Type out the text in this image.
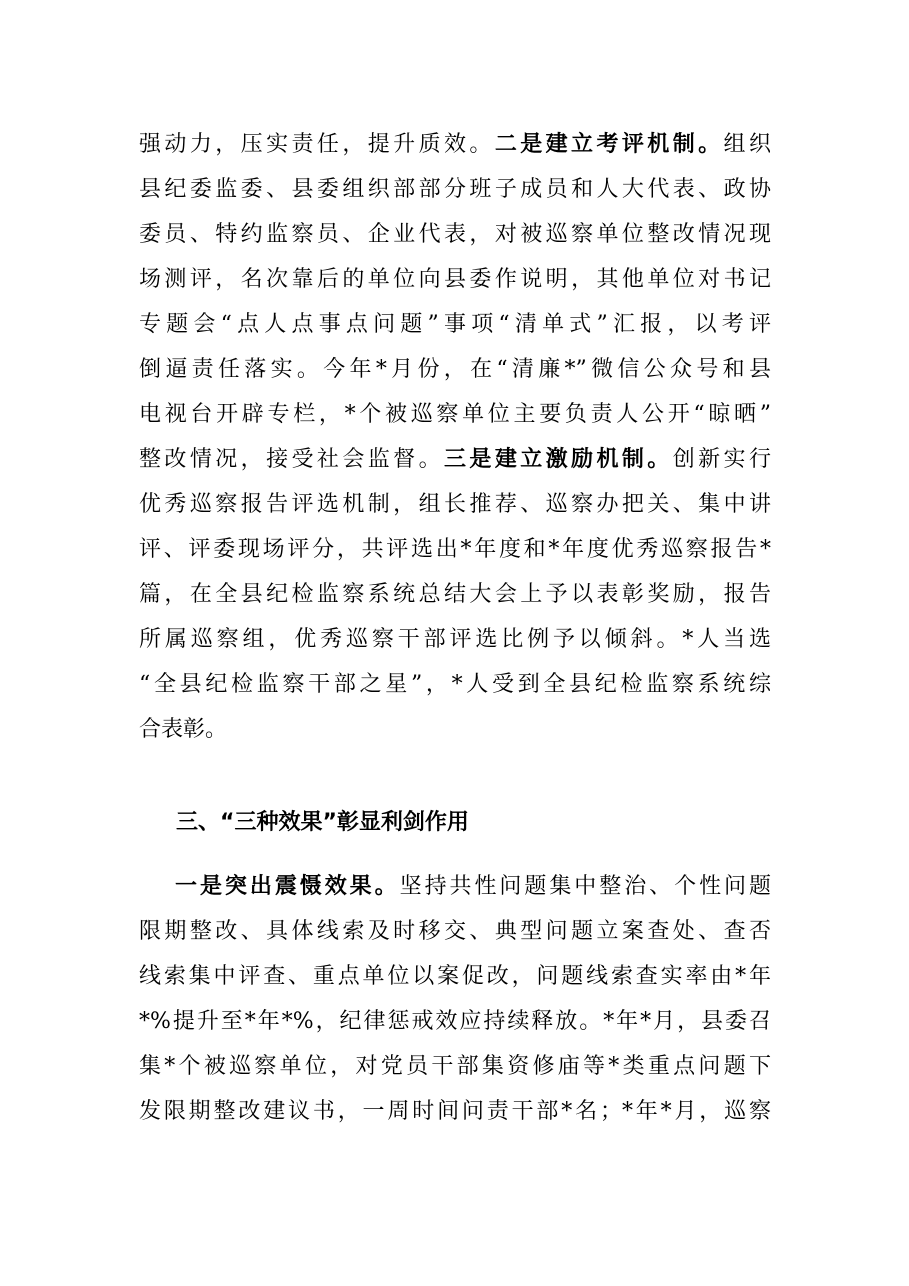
强动力，压实责任，提升质效。二是建立考评机制。组织
县纪委监委、县委组织部部分班子成员和人大代表、政协
委员、特约监察员、企业代表，对被巡察单位整改情况现
场测评，名次靠后的单位向县委作说明，其他单位对书记
专题会“点人点事点问题”事项“清单式”汇报，以考评
倒逼责任落实。今年*月份，在“清廉*”微信公众号和县
电视台开辟专栏，*个被巡察单位主要负责人公开“晾晒”
整改情况，接受社会监督。三是建立激励机制。创新实行
优秀巡察报告评选机制，组长推荐、巡察办把关、集中讲
评、评委现场评分，共评选出*年度和*年度优秀巡察报告*
篇，在全县纪检监察系统总结大会上予以表彰奖励，报告
所属巡察组，优秀巡察干部评选比例予以倾斜。*人当选
“全县纪检监察干部之星”，*人受到全县纪检监察系统综
合表彰。
三、“三种效果”彰显利剑作用
一是突出震慑效果。坚持共性问题集中整治、个性问题
限期整改、具体线索及时移交、典型问题立案查处、查否
线索集中评查、重点单位以案促改，问题线索查实率由*年
*%提升至*年*%，纪律惩戒效应持续释放。*年*月，县委召
集*个被巡察单位，对党员干部集资修庙等*类重点问题下
发限期整改建议书，一周时间问责干部*名；*年*月，巡察
